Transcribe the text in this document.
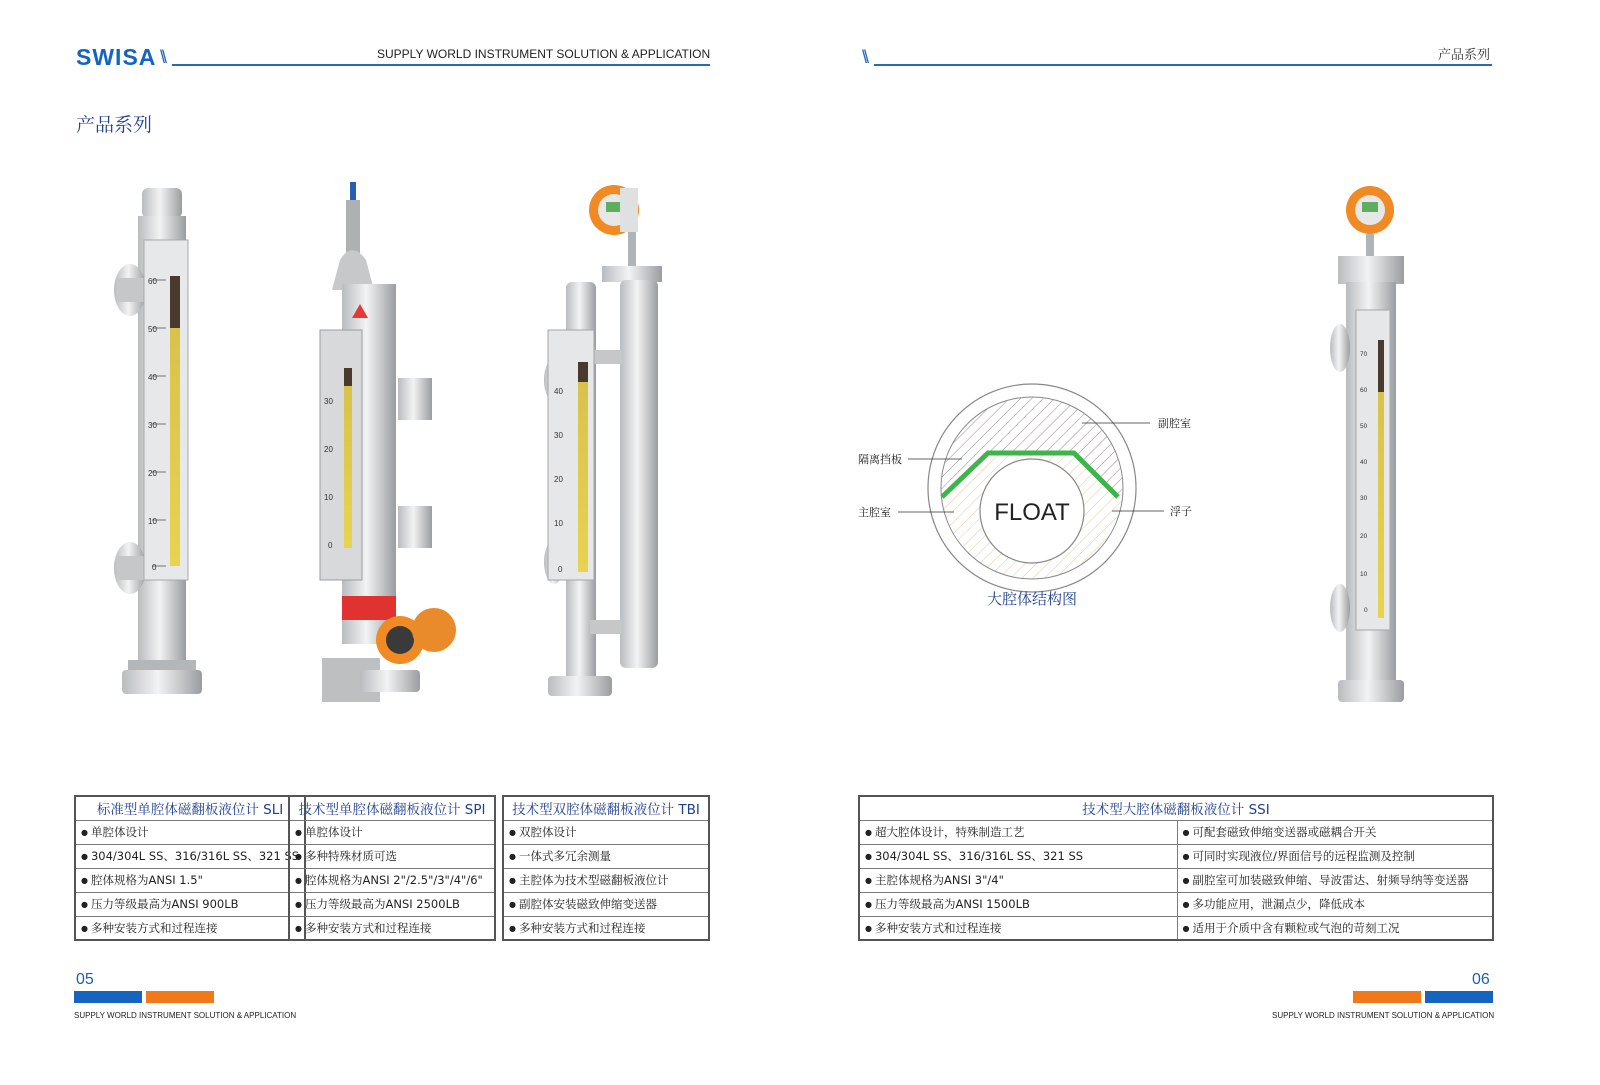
SWISA \\	SUPPLY WORLD INSTRUMENT SOLUTION & APPLICATION
产品系列
\\	产品系列
60
50
40
30
20
10
0
30
20
10
0
40
30
20
10
0
FLOAT
副腔室
隔离挡板
主腔室	浮子
大腔体结构图
70
60
50
40
30
20
10
0
标准型单腔体磁翻板液位计 SLI
● 单腔体设计
● 304/304L SS、316/316L SS、321 SS
● 腔体规格为ANSI 1.5"
● 压力等级最高为ANSI 900LB
● 多种安装方式和过程连接
技术型单腔体磁翻板液位计 SPI
● 单腔体设计
● 多种特殊材质可选
● 腔体规格为ANSI 2"/2.5"/3"/4"/6"
● 压力等级最高为ANSI 2500LB
● 多种安装方式和过程连接
技术型双腔体磁翻板液位计 TBI
● 双腔体设计
● 一体式多冗余测量
● 主腔体为技术型磁翻板液位计
● 副腔体安装磁致伸缩变送器
● 多种安装方式和过程连接
技术型大腔体磁翻板液位计 SSI	
● 超大腔体设计，特殊制造工艺	● 可配套磁致伸缩变送器或磁耦合开关
● 304/304L SS、316/316L SS、321 SS	● 可同时实现液位/界面信号的远程监测及控制
● 主腔体规格为ANSI 3"/4"	● 副腔室可加装磁致伸缩、导波雷达、射频导纳等变送器
● 压力等级最高为ANSI 1500LB	● 多功能应用，泄漏点少，降低成本
● 多种安装方式和过程连接	● 适用于介质中含有颗粒或气泡的苛刻工况
05
SUPPLY WORLD INSTRUMENT SOLUTION & APPLICATION
06
SUPPLY WORLD INSTRUMENT SOLUTION & APPLICATION
